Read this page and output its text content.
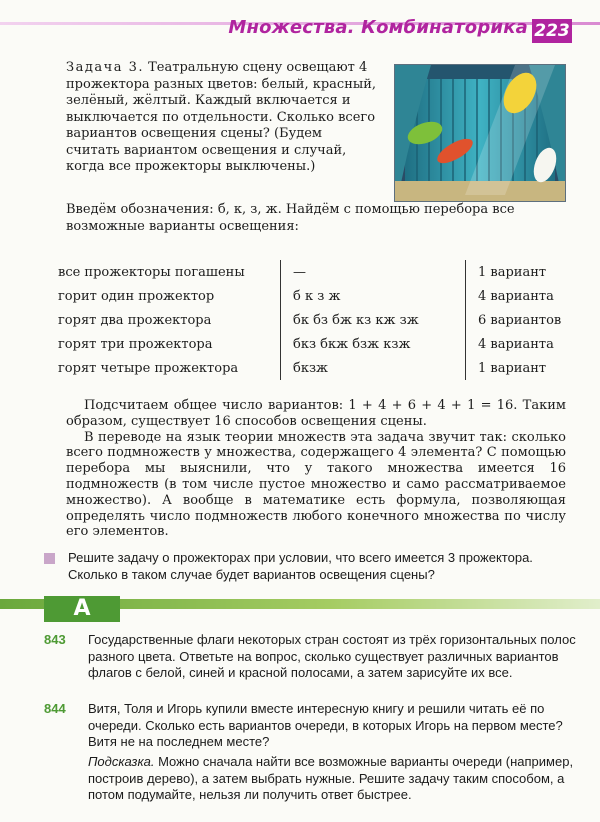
Множества. Комбинаторика 223
Задача 3. Театральную сцену освещают 4 прожектора разных цветов: белый, красный, зелёный, жёлтый. Каждый включается и выключается по отдельности. Сколько всего вариантов освещения сцены? (Будем считать вариантом освещения и случай, когда все прожекторы выключены.)
Введём обозначения: б, к, з, ж. Найдём с помощью перебора все возможные варианты освещения:
все прожекторы погашены	—	1 вариант
горит один прожектор	б к з ж	4 варианта
горят два прожектора	бк бз бж кз кж зж	6 вариантов
горят три прожектора	бкз бкж бзж кзж	4 варианта
горят четыре прожектора	бкзж	1 вариант

Подсчитаем общее число вариантов: 1 + 4 + 6 + 4 + 1 = 16. Таким образом, существует 16 способов освещения сцены.

В переводе на язык теории множеств эта задача звучит так: сколько всего подмножеств у множества, содержащего 4 элемента? С помощью перебора мы выяснили, что у такого множества имеется 16 подмножеств (в том числе пустое множество и само рассматриваемое множество). А вообще в математике есть формула, позволяющая определять число подмножеств любого конечного множества по числу его элементов.

Решите задачу о прожекторах при условии, что всего имеется 3 прожектора. Сколько в таком случае будет вариантов освещения сцены?
А
843 Государственные флаги некоторых стран состоят из трёх горизонтальных полос разного цвета. Ответьте на вопрос, сколько существует различных вариантов флагов с белой, синей и красной полосами, а затем зарисуйте их все.
844 Витя, Толя и Игорь купили вместе интересную книгу и решили читать её по очереди. Сколько есть вариантов очереди, в которых Игорь на первом месте? Витя не на последнем месте?
Подсказка. Можно сначала найти все возможные варианты очереди (например, построив дерево), а затем выбрать нужные. Решите задачу таким способом, а потом подумайте, нельзя ли получить ответ быстрее.
